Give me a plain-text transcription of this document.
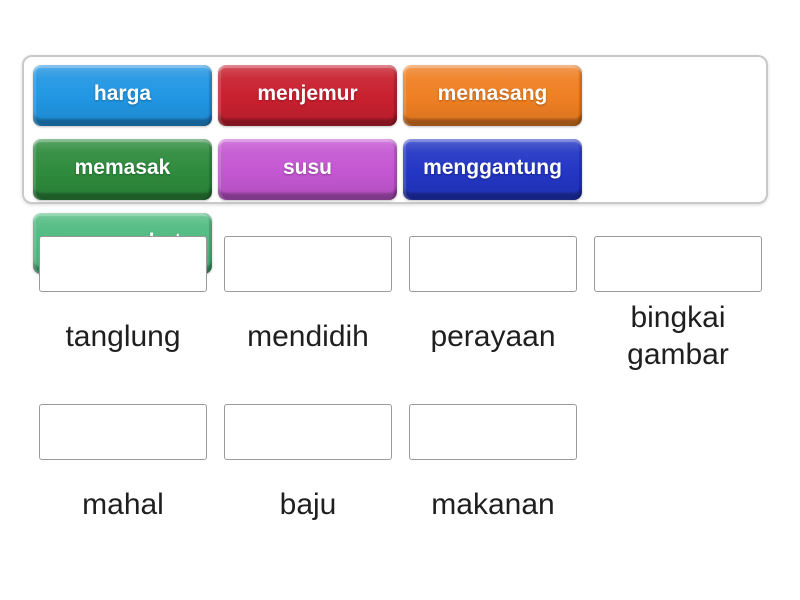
harga	menjemur	memasang
memasak	susu	menggantung
tanglung mendidih perayaan
bingkai gambar
mahal	baju	makanan
